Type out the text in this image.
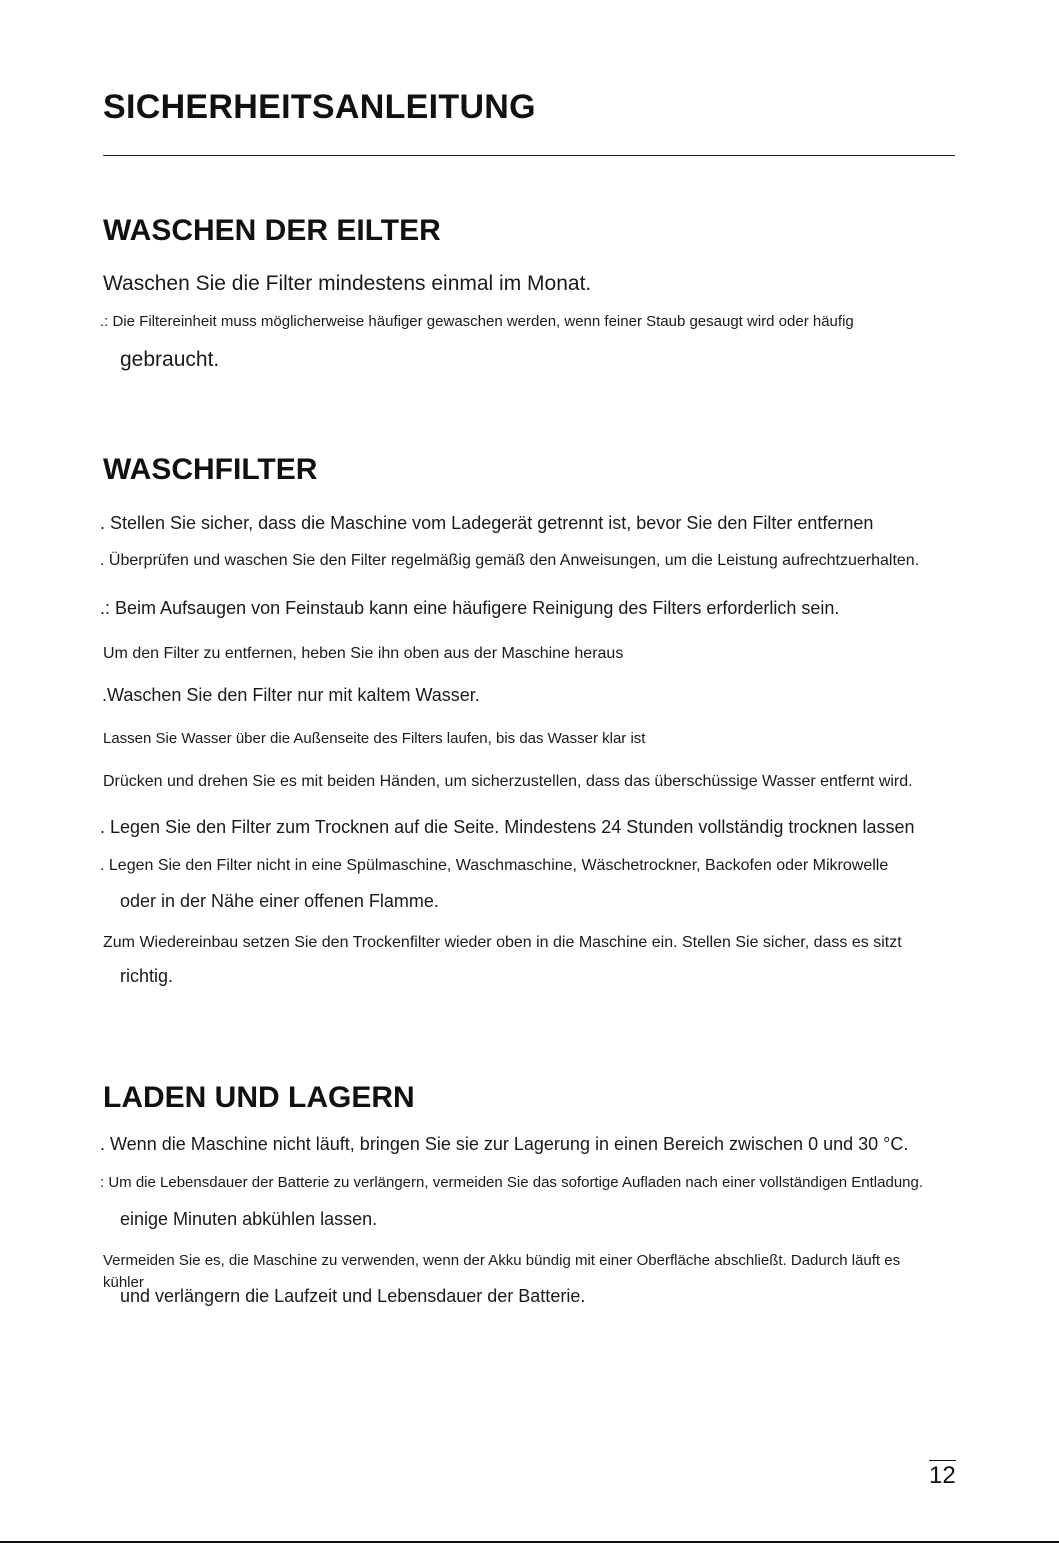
SICHERHEITSANLEITUNG
WASCHEN DER EILTER

Waschen Sie die Filter mindestens einmal im Monat.

.: Die Filtereinheit muss möglicherweise häufiger gewaschen werden, wenn feiner Staub gesaugt wird oder häufig

gebraucht.

WASCHFILTER

. Stellen Sie sicher, dass die Maschine vom Ladegerät getrennt ist, bevor Sie den Filter entfernen

. Überprüfen und waschen Sie den Filter regelmäßig gemäß den Anweisungen, um die Leistung aufrechtzuerhalten.

.: Beim Aufsaugen von Feinstaub kann eine häufigere Reinigung des Filters erforderlich sein.

Um den Filter zu entfernen, heben Sie ihn oben aus der Maschine heraus

.Waschen Sie den Filter nur mit kaltem Wasser.

Lassen Sie Wasser über die Außenseite des Filters laufen, bis das Wasser klar ist

Drücken und drehen Sie es mit beiden Händen, um sicherzustellen, dass das überschüssige Wasser entfernt wird.

. Legen Sie den Filter zum Trocknen auf die Seite. Mindestens 24 Stunden vollständig trocknen lassen

. Legen Sie den Filter nicht in eine Spülmaschine, Waschmaschine, Wäschetrockner, Backofen oder Mikrowelle

oder in der Nähe einer offenen Flamme.

Zum Wiedereinbau setzen Sie den Trockenfilter wieder oben in die Maschine ein. Stellen Sie sicher, dass es sitzt

richtig.

LADEN UND LAGERN

. Wenn die Maschine nicht läuft, bringen Sie sie zur Lagerung in einen Bereich zwischen 0 und 30 °C.

: Um die Lebensdauer der Batterie zu verlängern, vermeiden Sie das sofortige Aufladen nach einer vollständigen Entladung.

einige Minuten abkühlen lassen.

Vermeiden Sie es, die Maschine zu verwenden, wenn der Akku bündig mit einer Oberfläche abschließt. Dadurch läuft es

kühler

und verlängern die Laufzeit und Lebensdauer der Batterie.

12
